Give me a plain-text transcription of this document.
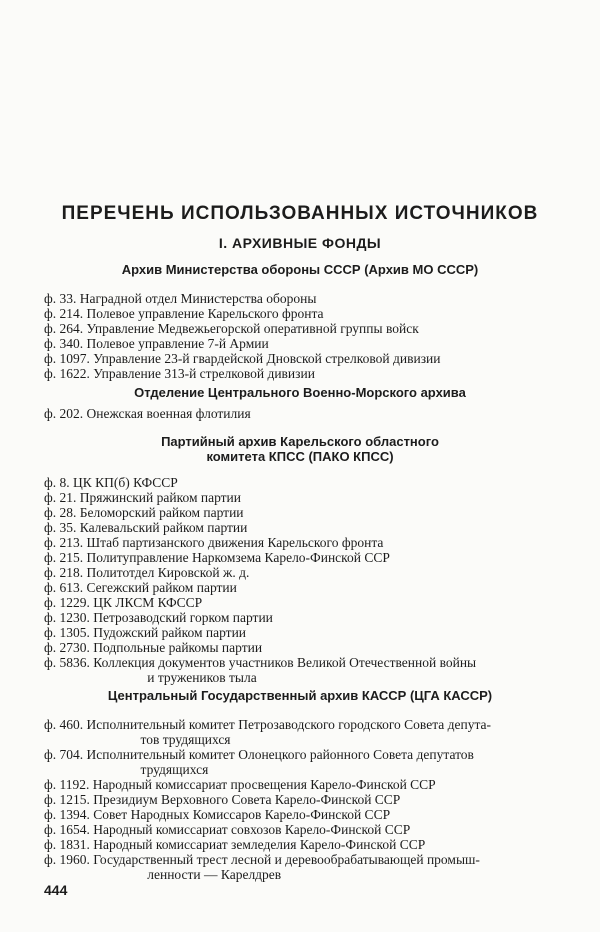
ПЕРЕЧЕНЬ ИСПОЛЬЗОВАННЫХ ИСТОЧНИКОВ
I. АРХИВНЫЕ ФОНДЫ
Архив Министерства обороны СССР (Архив МО СССР)
ф. 33.
Наградной отдел Министерства обороны
ф. 214.
Полевое управление Карельского фронта
ф. 264.
Управление Медвежьегорской оперативной группы войск
ф. 340.
Полевое управление 7-й Армии
ф. 1097.
Управление 23-й гвардейской Дновской стрелковой дивизии
ф. 1622.
Управление 313-й стрелковой дивизии
Отделение Центрального Военно-Морского архива
ф. 202.
Онежская военная флотилия
Партийный архив Карельского областного
комитета КПСС (ПАКО КПСС)
ф. 8.
ЦК КП(б) КФССР
ф. 21.
Пряжинский райком партии
ф. 28.
Беломорский райком партии
ф. 35.
Калевальский райком партии
ф. 213.
Штаб партизанского движения Карельского фронта
ф. 215.
Политуправление Наркомзема Карело-Финской ССР
ф. 218.
Политотдел Кировской ж. д.
ф. 613.
Сегежский райком партии
ф. 1229.
ЦК ЛКСМ КФССР
ф. 1230.
Петрозаводский горком партии
ф. 1305.
Пудожский райком партии
ф. 2730.
Подпольные райкомы партии
ф. 5836.
Коллекция документов участников Великой Отечественной войны
и тружеников тыла
Центральный Государственный архив КАССР (ЦГА КАССР)
ф. 460.
Исполнительный комитет Петрозаводского городского Совета депута-
тов трудящихся
ф. 704.
Исполнительный комитет Олонецкого районного Совета депутатов
трудящихся
ф. 1192.
Народный комиссариат просвещения Карело-Финской ССР
ф. 1215.
Президиум Верховного Совета Карело-Финской ССР
ф. 1394.
Совет Народных Комиссаров Карело-Финской ССР
ф. 1654.
Народный комиссариат совхозов Карело-Финской ССР
ф. 1831.
Народный комиссариат земледелия Карело-Финской ССР
ф. 1960.
Государственный трест лесной и деревообрабатывающей промыш-
ленности — Карелдрев
444
